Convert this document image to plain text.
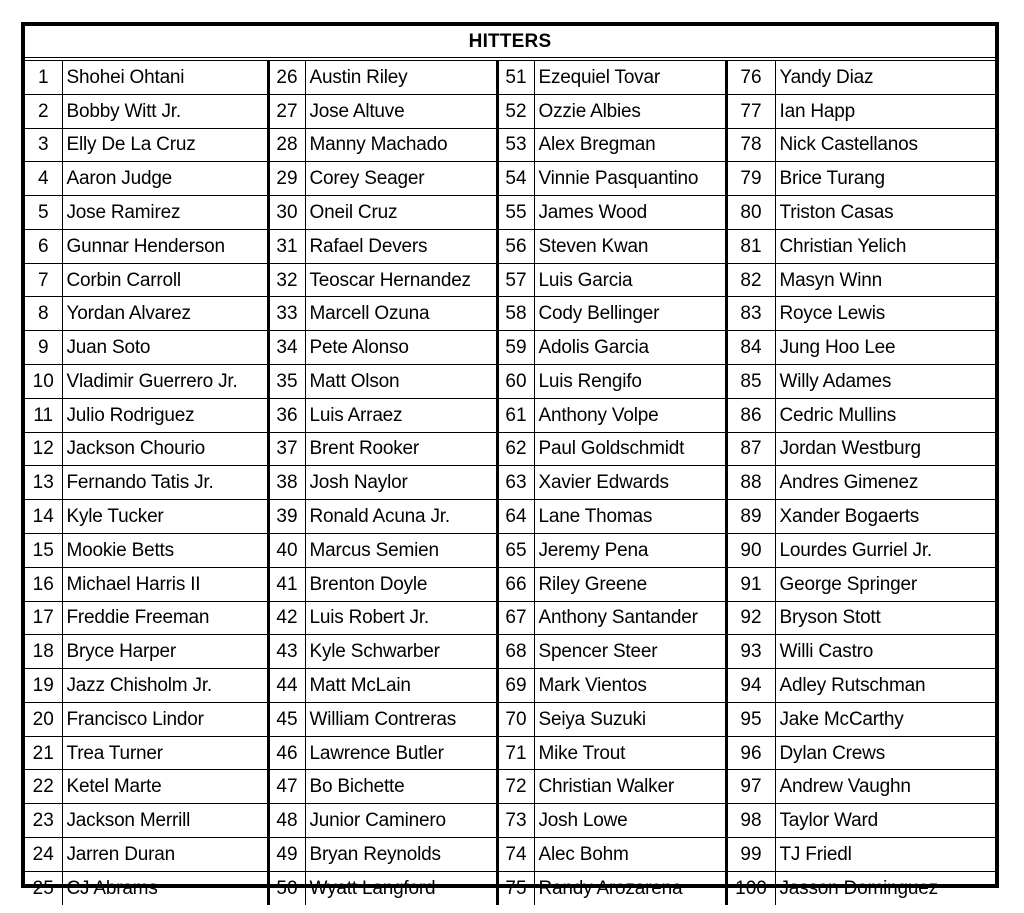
HITTERS
1	Shohei Ohtani	26	Austin Riley	51	Ezequiel Tovar	76	Yandy Diaz
2	Bobby Witt Jr.	27	Jose Altuve	52	Ozzie Albies	77	Ian Happ
3	Elly De La Cruz	28	Manny Machado	53	Alex Bregman	78	Nick Castellanos
4	Aaron Judge	29	Corey Seager	54	Vinnie Pasquantino	79	Brice Turang
5	Jose Ramirez	30	Oneil Cruz	55	James Wood	80	Triston Casas
6	Gunnar Henderson	31	Rafael Devers	56	Steven Kwan	81	Christian Yelich
7	Corbin Carroll	32	Teoscar Hernandez	57	Luis Garcia	82	Masyn Winn
8	Yordan Alvarez	33	Marcell Ozuna	58	Cody Bellinger	83	Royce Lewis
9	Juan Soto	34	Pete Alonso	59	Adolis Garcia	84	Jung Hoo Lee
10	Vladimir Guerrero Jr.	35	Matt Olson	60	Luis Rengifo	85	Willy Adames
11	Julio Rodriguez	36	Luis Arraez	61	Anthony Volpe	86	Cedric Mullins
12	Jackson Chourio	37	Brent Rooker	62	Paul Goldschmidt	87	Jordan Westburg
13	Fernando Tatis Jr.	38	Josh Naylor	63	Xavier Edwards	88	Andres Gimenez
14	Kyle Tucker	39	Ronald Acuna Jr.	64	Lane Thomas	89	Xander Bogaerts
15	Mookie Betts	40	Marcus Semien	65	Jeremy Pena	90	Lourdes Gurriel Jr.
16	Michael Harris II	41	Brenton Doyle	66	Riley Greene	91	George Springer
17	Freddie Freeman	42	Luis Robert Jr.	67	Anthony Santander	92	Bryson Stott
18	Bryce Harper	43	Kyle Schwarber	68	Spencer Steer	93	Willi Castro
19	Jazz Chisholm Jr.	44	Matt McLain	69	Mark Vientos	94	Adley Rutschman
20	Francisco Lindor	45	William Contreras	70	Seiya Suzuki	95	Jake McCarthy
21	Trea Turner	46	Lawrence Butler	71	Mike Trout	96	Dylan Crews
22	Ketel Marte	47	Bo Bichette	72	Christian Walker	97	Andrew Vaughn
23	Jackson Merrill	48	Junior Caminero	73	Josh Lowe	98	Taylor Ward
24	Jarren Duran	49	Bryan Reynolds	74	Alec Bohm	99	TJ Friedl
25	CJ Abrams	50	Wyatt Langford	75	Randy Arozarena	100	Jasson Dominguez
